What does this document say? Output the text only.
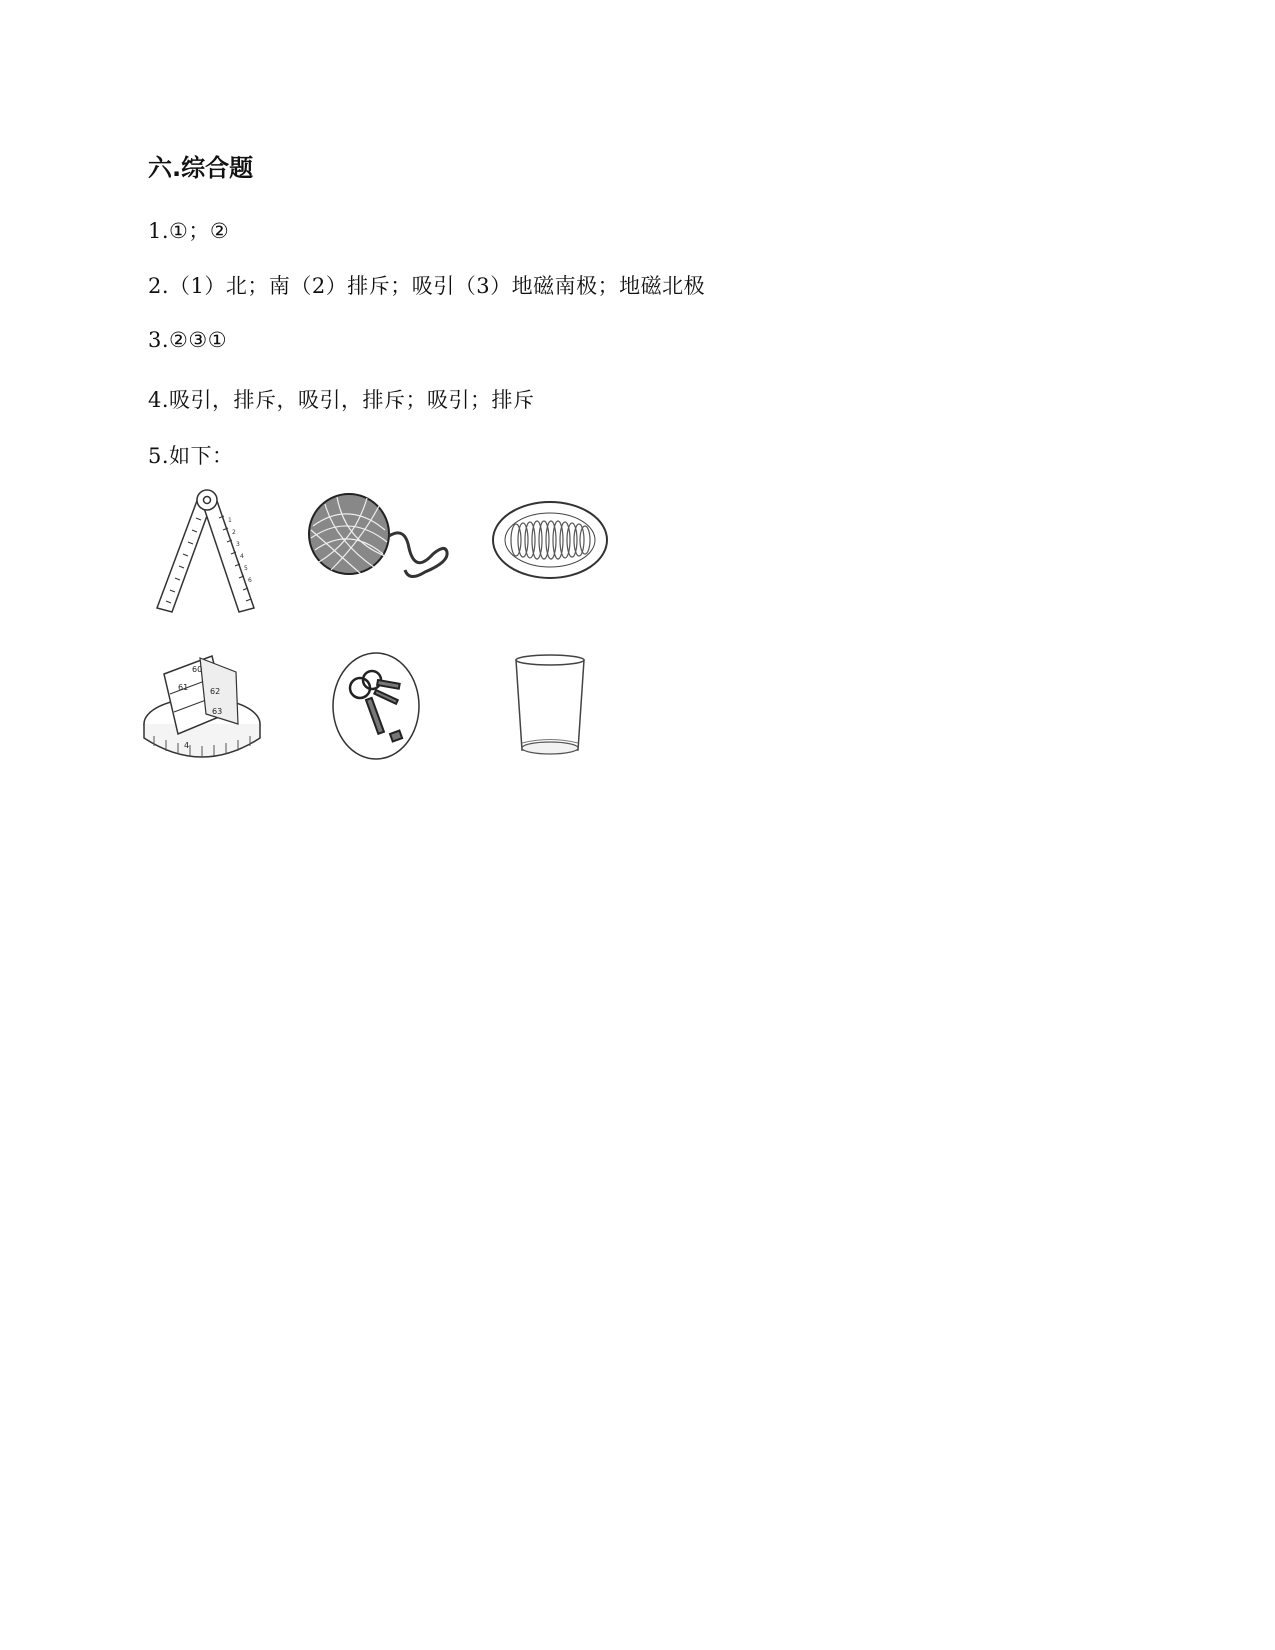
六.综合题
1.①；②
2.（1）北；南（2）排斥；吸引（3）地磁南极；地磁北极
3.②③①
4.吸引，排斥，吸引，排斥；吸引；排斥
5.如下：
1
2
3
4
5
6
60
61	62
63
4
